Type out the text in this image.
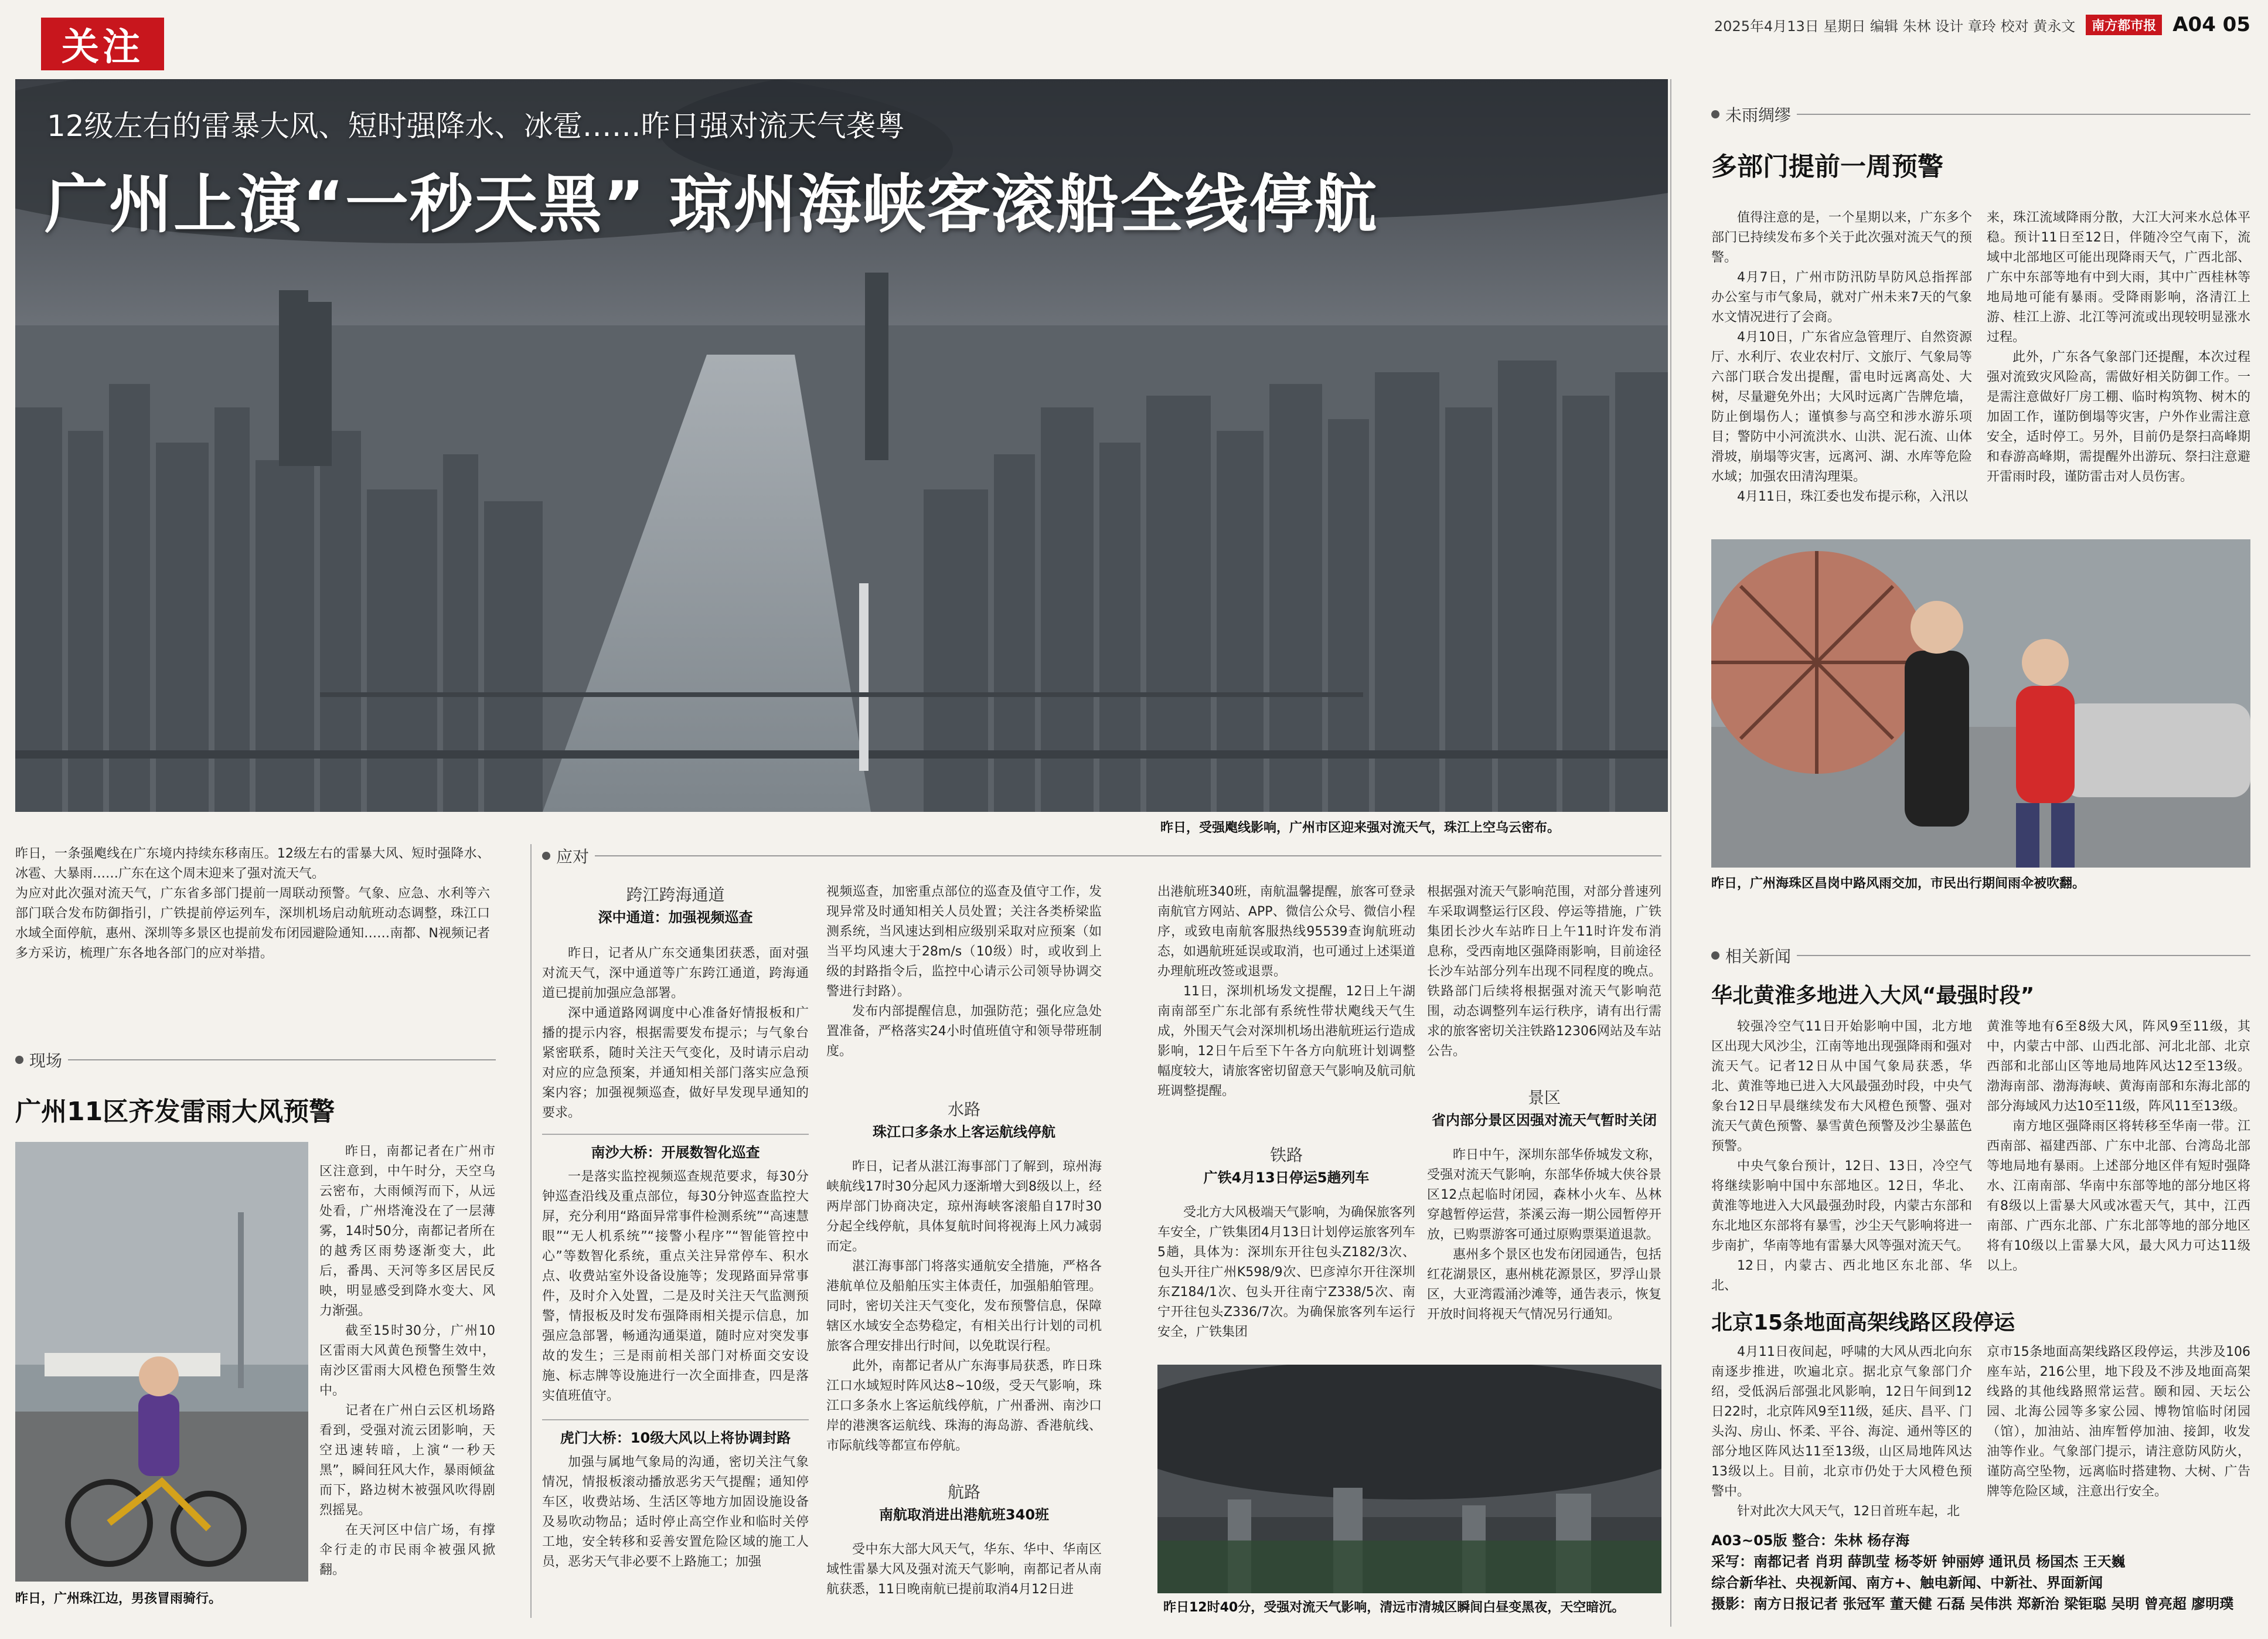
关注	2025年4月13日 星期日 编辑 朱林 设计 章玲 校对 黄永文	南方都市报 A04 05
12级左右的雷暴大风、短时强降水、冰雹……昨日强对流天气袭粤
广州上演“一秒天黑” 琼州海峡客滚船全线停航
昨日，受强飑线影响，广州市区迎来强对流天气，珠江上空乌云密布。

昨日，一条强飑线在广东境内持续东移南压。12级左右的雷暴大风、短时强降水、冰雹、大暴雨……广东在这个周末迎来了强对流天气。

为应对此次强对流天气，广东省多部门提前一周联动预警。气象、应急、水利等六部门联合发布防御指引，广铁提前停运列车，深圳机场启动航班动态调整，珠江口水域全面停航，惠州、深圳等多景区也提前发布闭园避险通知……南都、N视频记者多方采访，梳理广东各地各部门的应对举措。

现场
广州11区齐发雷雨大风预警
昨日，广州珠江边，男孩冒雨骑行。

昨日，南都记者在广州市区注意到，中午时分，天空乌云密布，大雨倾泻而下，从远处看，广州塔淹没在了一层薄雾，14时50分，南都记者所在的越秀区雨势逐渐变大，此后，番禺、天河等多区居民反映，明显感受到降水变大、风力渐强。

截至15时30分，广州10区雷雨大风黄色预警生效中，南沙区雷雨大风橙色预警生效中。

记者在广州白云区机场路看到，受强对流云团影响，天空迅速转暗，上演“一秒天黑”，瞬间狂风大作，暴雨倾盆而下，路边树木被强风吹得剧烈摇晃。

在天河区中信广场，有撑伞行走的市民雨伞被强风掀翻。

应对
跨江跨海通道
深中通道：加强视频巡查

昨日，记者从广东交通集团获悉，面对强对流天气，深中通道等广东跨江通道，跨海通道已提前加强应急部署。

深中通道路网调度中心准备好情报板和广播的提示内容，根据需要发布提示；与气象台紧密联系，随时关注天气变化，及时请示启动对应的应急预案，并通知相关部门落实应急预案内容；加强视频巡查，做好早发现早通知的要求。

南沙大桥：开展数智化巡查

一是落实监控视频巡查规范要求，每30分钟巡查沿线及重点部位，每30分钟巡查监控大屏，充分利用“路面异常事件检测系统”“高速慧眼”“无人机系统”“接警小程序”“智能管控中心”等数智化系统，重点关注异常停车、积水点、收费站室外设备设施等；发现路面异常事件，及时介入处置，二是及时关注天气监测预警，情报板及时发布强降雨相关提示信息，加强应急部署，畅通沟通渠道，随时应对突发事故的发生；三是雨前相关部门对桥面交安设施、标志牌等设施进行一次全面排查，四是落实值班值守。

虎门大桥：10级大风以上将协调封路

加强与属地气象局的沟通，密切关注气象情况，情报板滚动播放恶劣天气提醒；通知停车区，收费站场、生活区等地方加固设施设备及易吹动物品；适时停止高空作业和临时关停工地，安全转移和妥善安置危险区域的施工人员，恶劣天气非必要不上路施工；加强

视频巡查，加密重点部位的巡查及值守工作，发现异常及时通知相关人员处置；关注各类桥梁监测系统，当风速达到相应级别采取对应预案（如当平均风速大于28m/s（10级）时，或收到上级的封路指令后，监控中心请示公司领导协调交警进行封路）。

发布内部提醒信息，加强防范；强化应急处置准备，严格落实24小时值班值守和领导带班制度。

水路
珠江口多条水上客运航线停航

昨日，记者从湛江海事部门了解到，琼州海峡航线17时30分起风力逐渐增大到8级以上，经两岸部门协商决定，琼州海峡客滚船自17时30分起全线停航，具体复航时间将视海上风力减弱而定。

湛江海事部门将落实通航安全措施，严格各港航单位及船舶压实主体责任，加强船舶管理。同时，密切关注天气变化，发布预警信息，保障辖区水域安全态势稳定，有相关出行计划的司机旅客合理安排出行时间，以免耽误行程。

此外，南都记者从广东海事局获悉，昨日珠江口水域短时阵风达8~10级，受天气影响，珠江口多条水上客运航线停航，广州番洲、南沙口岸的港澳客运航线、珠海的海岛游、香港航线、市际航线等都宣布停航。

航路
南航取消进出港航班340班

受中东大部大风天气，华东、华中、华南区域性雷暴大风及强对流天气影响，南都记者从南航获悉，11日晚南航已提前取消4月12日进

出港航班340班，南航温馨提醒，旅客可登录南航官方网站、APP、微信公众号、微信小程序，或致电南航客服热线95539查询航班动态，如遇航班延误或取消，也可通过上述渠道办理航班改签或退票。

11日，深圳机场发文提醒，12日上午湖南南部至广东北部有系统性带状飑线天气生成，外围天气会对深圳机场出港航班运行造成影响，12日午后至下午各方向航班计划调整幅度较大，请旅客密切留意天气影响及航司航班调整提醒。

铁路
广铁4月13日停运5趟列车

受北方大风极端天气影响，为确保旅客列车安全，广铁集团4月13日计划停运旅客列车5趟，具体为：深圳东开往包头Z182/3次、包头开往广州K598/9次、巴彦淖尔开往深圳东Z184/1次、包头开往南宁Z338/5次、南宁开往包头Z336/7次。为确保旅客列车运行安全，广铁集团

根据强对流天气影响范围，对部分普速列车采取调整运行区段、停运等措施，广铁集团长沙火车站昨日上午11时许发布消息称，受西南地区强降雨影响，目前途径长沙车站部分列车出现不同程度的晚点。铁路部门后续将根据强对流天气影响范围，动态调整列车运行秩序，请有出行需求的旅客密切关注铁路12306网站及车站公告。

景区
省内部分景区因强对流天气暂时关闭

昨日中午，深圳东部华侨城发文称，受强对流天气影响，东部华侨城大侠谷景区12点起临时闭园，森林小火车、丛林穿越暂停运营，茶溪云海一期公园暂停开放，已购票游客可通过原购票渠道退款。

惠州多个景区也发布闭园通告，包括红花湖景区，惠州桃花源景区，罗浮山景区，大亚湾霞涌沙滩等，通告表示，恢复开放时间将视天气情况另行通知。

昨日12时40分，受强对流天气影响，清远市清城区瞬间白昼变黑夜，天空暗沉。
未雨绸缪
多部门提前一周预警

值得注意的是，一个星期以来，广东多个部门已持续发布多个关于此次强对流天气的预警。

4月7日，广州市防汛防旱防风总指挥部办公室与市气象局，就对广州未来7天的气象水文情况进行了会商。

4月10日，广东省应急管理厅、自然资源厅、水利厅、农业农村厅、文旅厅、气象局等六部门联合发出提醒，雷电时远离高处、大树，尽量避免外出；大风时远离广告牌危墙，防止倒塌伤人；谨慎参与高空和涉水游乐项目；警防中小河流洪水、山洪、泥石流、山体滑坡，崩塌等灾害，远离河、湖、水库等危险水域；加强农田清沟理渠。

4月11日，珠江委也发布提示称，入汛以

来，珠江流域降雨分散，大江大河来水总体平稳。预计11日至12日，伴随冷空气南下，流域中北部地区可能出现降雨天气，广西北部、广东中东部等地有中到大雨，其中广西桂林等地局地可能有暴雨。受降雨影响，洛清江上游、桂江上游、北江等河流或出现较明显涨水过程。

此外，广东各气象部门还提醒，本次过程强对流致灾风险高，需做好相关防御工作。一是需注意做好厂房工棚、临时构筑物、树木的加固工作，谨防倒塌等灾害，户外作业需注意安全，适时停工。另外，目前仍是祭扫高峰期和春游高峰期，需提醒外出游玩、祭扫注意避开雷雨时段，谨防雷击对人员伤害。

昨日，广州海珠区昌岗中路风雨交加，市民出行期间雨伞被吹翻。
相关新闻
华北黄淮多地进入大风“最强时段”

较强冷空气11日开始影响中国，北方地区出现大风沙尘，江南等地出现强降雨和强对流天气。记者12日从中国气象局获悉，华北、黄淮等地已进入大风最强劲时段，中央气象台12日早晨继续发布大风橙色预警、强对流天气黄色预警、暴雪黄色预警及沙尘暴蓝色预警。

中央气象台预计，12日、13日，冷空气将继续影响中国中东部地区。12日，华北、黄淮等地进入大风最强劲时段，内蒙古东部和东北地区东部将有暴雪，沙尘天气影响将进一步南扩，华南等地有雷暴大风等强对流天气。

12日，内蒙古、西北地区东北部、华北、

黄淮等地有6至8级大风，阵风9至11级，其中，内蒙古中部、山西北部、河北北部、北京西部和北部山区等地局地阵风达12至13级。渤海南部、渤海海峡、黄海南部和东海北部的部分海域风力达10至11级，阵风11至13级。

南方地区强降雨区将转移至华南一带。江西南部、福建西部、广东中北部、台湾岛北部等地局地有暴雨。上述部分地区伴有短时强降水、江南南部、华南中东部等地的部分地区将有8级以上雷暴大风或冰雹天气，其中，江西南部、广西东北部、广东北部等地的部分地区将有10级以上雷暴大风，最大风力可达11级以上。

北京15条地面高架线路区段停运

4月11日夜间起，呼啸的大风从西北向东南逐步推进，吹遍北京。据北京气象部门介绍，受低涡后部强北风影响，12日午间到12日22时，北京阵风9至11级，延庆、昌平、门头沟、房山、怀柔、平谷、海淀、通州等区的部分地区阵风达11至13级，山区局地阵风达13级以上。目前，北京市仍处于大风橙色预警中。

针对此次大风天气，12日首班车起，北

京市15条地面高架线路区段停运，共涉及106座车站，216公里，地下段及不涉及地面高架线路的其他线路照常运营。颐和园、天坛公园、北海公园等多家公园、博物馆临时闭园（馆），加油站、油库暂停加油、接卸，收发油等作业。气象部门提示，请注意防风防火，谨防高空坠物，远离临时搭建物、大树、广告牌等危险区域，注意出行安全。

A03~05版 整合：朱林 杨存海
采写：南都记者 肖玥 薛凯莹 杨苓妍 钟丽婷 通讯员 杨国杰 王天巍
综合新华社、央视新闻、南方+、触电新闻、中新社、界面新闻
摄影：南方日报记者 张冠军 董天健 石磊 吴伟洪 郑新治 梁钜聪 吴明 曾亮超 廖明璞
